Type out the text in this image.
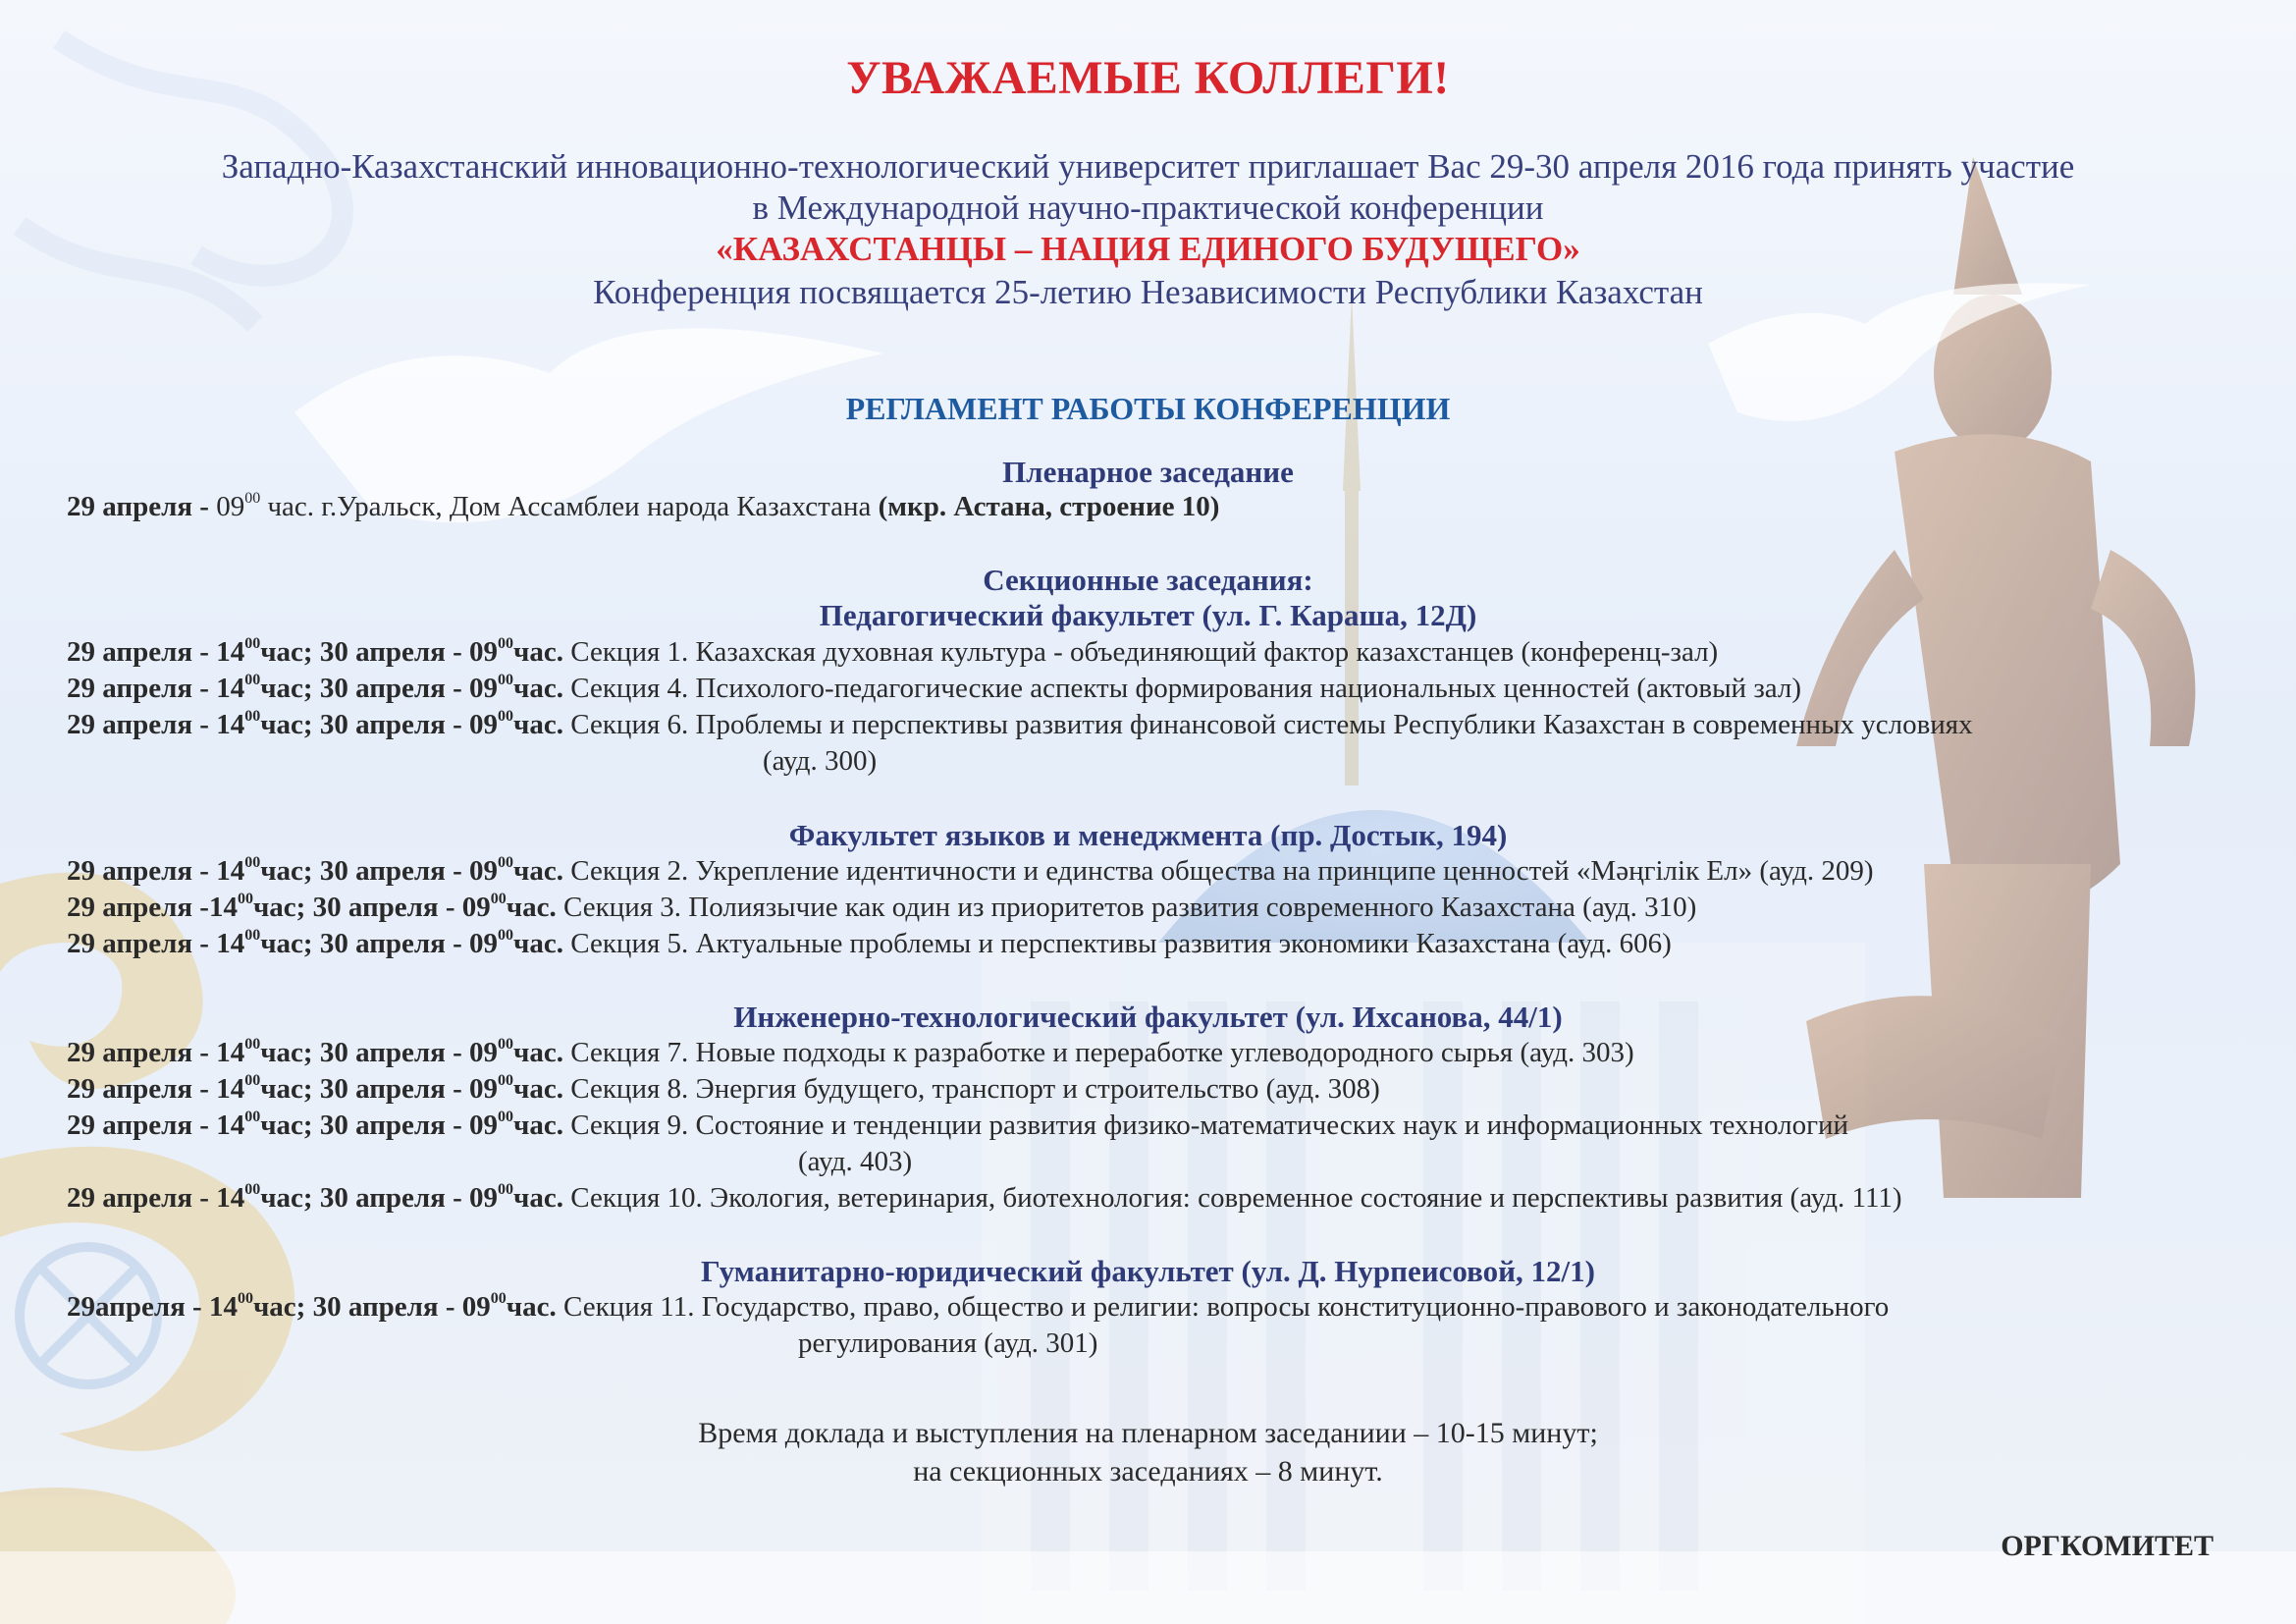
УВАЖАЕМЫЕ КОЛЛЕГИ!
Западно-Казахстанский инновационно-технологический университет приглашает Вас 29-30 апреля 2016 года принять участие
в Международной научно-практической конференции
«КАЗАХСТАНЦЫ – НАЦИЯ ЕДИНОГО БУДУЩЕГО»
Конференция посвящается 25-летию Независимости Республики Казахстан
РЕГЛАМЕНТ РАБОТЫ КОНФЕРЕНЦИИ
Пленарное заседание
29 апреля - $09^{00}$ час. г.Уральск, Дом Ассамблеи народа Казахстана (мкр. Астана, строение 10)
Секционные заседания:
Педагогический факультет (ул. Г. Караша, 12Д)
29 апреля - $14^{00}час$; 30 апреля - $09^{00}час$. Секция 1. Казахская духовная культура - объединяющий фактор казахстанцев (конференц-зал)
29 апреля - $14^{00}час$; 30 апреля - $09^{00}час$. Секция 4. Психолого-педагогические аспекты формирования национальных ценностей (актовый зал)
29 апреля - $14^{00}час$; 30 апреля - $09^{00}час$. Секция 6. Проблемы и перспективы развития финансовой системы Республики Казахстан в современных условиях
(ауд. 300)
Факультет языков и менеджмента (пр. Достык, 194)
29 апреля - $14^{00}час$; 30 апреля - $09^{00}час$. Секция 2. Укрепление идентичности и единства общества на принципе ценностей «Мәңгілік Ел» (ауд. 209)
29 апреля $-14^{00}час$; 30 апреля - $09^{00}час$. Секция 3. Полиязычие как один из приоритетов развития современного Казахстана (ауд. 310)
29 апреля - $14^{00}час$; 30 апреля - $09^{00}час$. Секция 5. Актуальные проблемы и перспективы развития экономики Казахстана (ауд. 606)
Инженерно-технологический факультет (ул. Ихсанова, 44/1)
29 апреля - $14^{00}час$; 30 апреля - $09^{00}час$. Секция 7. Новые подходы к разработке и переработке углеводородного сырья (ауд. 303)
29 апреля - $14^{00}час$; 30 апреля - $09^{00}час$. Секция 8. Энергия будущего, транспорт и строительство (ауд. 308)
29 апреля - $14^{00}час$; 30 апреля - $09^{00}час$. Секция 9. Состояние и тенденции развития физико-математических наук и информационных технологий
(ауд. 403)
29 апреля - $14^{00}час$; 30 апреля - $09^{00}час$. Секция 10. Экология, ветеринария, биотехнология: современное состояние и перспективы развития (ауд. 111)
Гуманитарно-юридический факультет (ул. Д. Нурпеисовой, 12/1)
29апреля - $14^{00}час$; 30 апреля - $09^{00}час$. Секция 11. Государство, право, общество и религии: вопросы конституционно-правового и законодательного
регулирования (ауд. 301)
Время доклада и выступления на пленарном заседаниии – 10-15 минут;
на секционных заседаниях – 8 минут.
ОРГКОМИТЕТ
